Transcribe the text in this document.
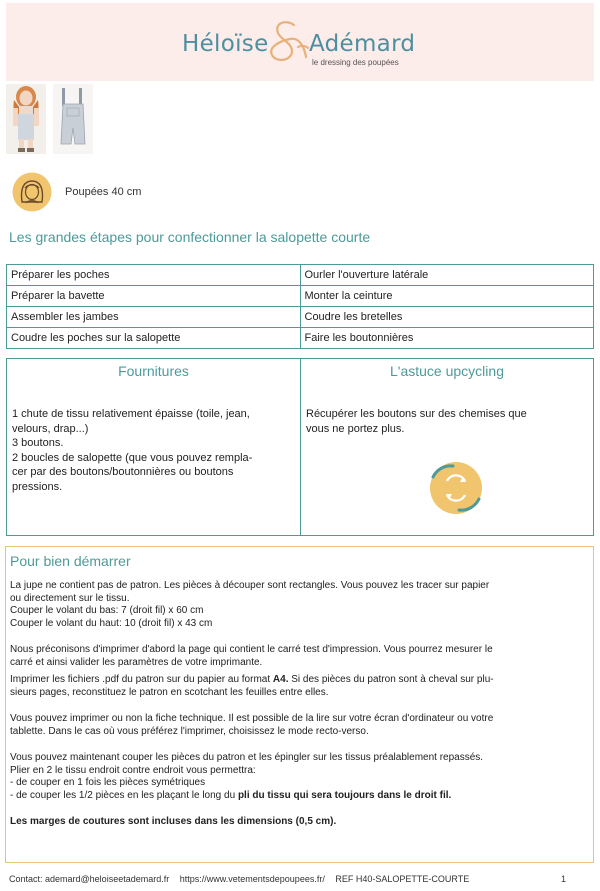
Héloïse Adémard
le dressing des poupées
Poupées 40 cm
Les grandes étapes pour confectionner la salopette courte
Préparer les poches	Ourler l'ouverture latérale
Préparer la bavette	Monter la ceinture
Assembler les jambes	Coudre les bretelles
Coudre les poches sur la salopette	Faire les boutonnières
Fournitures
1 chute de tissu relativement épaisse (toile, jean,
velours, drap...)
3 boutons.
2 boucles de salopette (que vous pouvez rempla-
cer par des boutons/boutonnières ou boutons
pressions.
L'astuce upcycling
Récupérer les boutons sur des chemises que
vous ne portez plus.
Pour bien démarrer
La jupe ne contient pas de patron. Les pièces à découper sont rectangles. Vous pouvez les tracer sur papier
ou directement sur le tissu.
Couper le volant du bas: 7 (droit fil) x 60 cm
Couper le volant du haut: 10 (droit fil) x 43 cm
Nous préconisons d'imprimer d'abord la page qui contient le carré test d'impression. Vous pourrez mesurer le
carré et ainsi valider les paramètres de votre imprimante.
Imprimer les fichiers .pdf du patron sur du papier au format A4. Si des pièces du patron sont à cheval sur plu-
sieurs pages, reconstituez le patron en scotchant les feuilles entre elles.
Vous pouvez imprimer ou non la fiche technique. Il est possible de la lire sur votre écran d'ordinateur ou votre
tablette. Dans le cas où vous préférez l'imprimer, choisissez le mode recto-verso.
Vous pouvez maintenant couper les pièces du patron et les épingler sur les tissus préalablement repassés.
Plier en 2 le tissu endroit contre endroit vous permettra:
- de couper en 1 fois les pièces symétriques
- de couper les 1/2 pièces en les plaçant le long du pli du tissu qui sera toujours dans le droit fil.
Les marges de coutures sont incluses dans les dimensions (0,5 cm).
Contact: ademard@heloiseetademard.fr https://www.vetementsdepoupees.fr/ REF H40-SALOPETTE-COURTE	1
